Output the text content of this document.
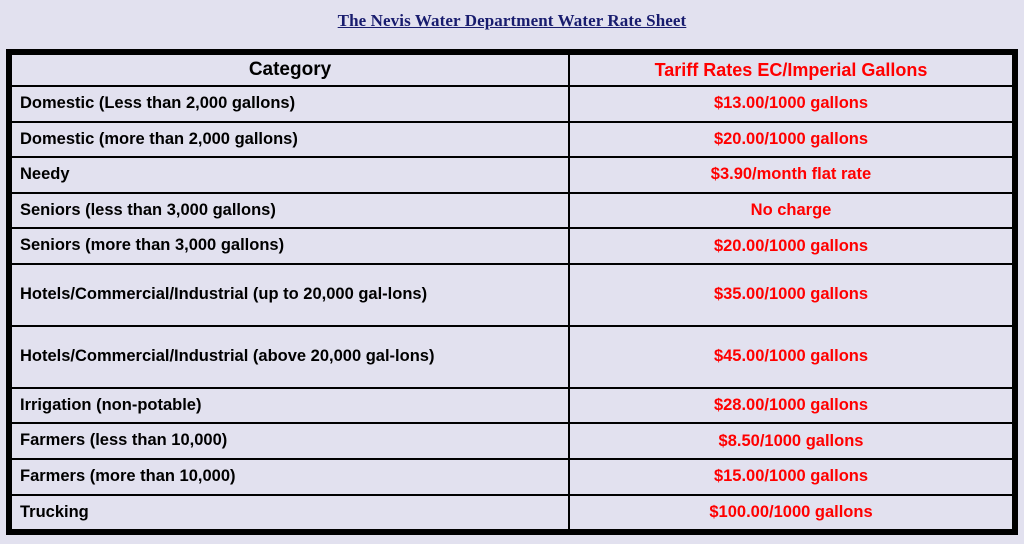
The Nevis Water Department Water Rate Sheet
Category	Tariff Rates EC/Imperial Gallons
Domestic (Less than 2,000 gallons)	$13.00/1000 gallons
Domestic (more than 2,000 gallons)	$20.00/1000 gallons
Needy	$3.90/month flat rate
Seniors (less than 3,000 gallons)	No charge
Seniors (more than 3,000 gallons)	$20.00/1000 gallons
Hotels/Commercial/Industrial (up to 20,000 gal-lons)	$35.00/1000 gallons
Hotels/Commercial/Industrial (above 20,000 gal-lons)	$45.00/1000 gallons
Irrigation (non-potable)	$28.00/1000 gallons
Farmers (less than 10,000)	$8.50/1000 gallons
Farmers (more than 10,000)	$15.00/1000 gallons
Trucking	$100.00/1000 gallons
